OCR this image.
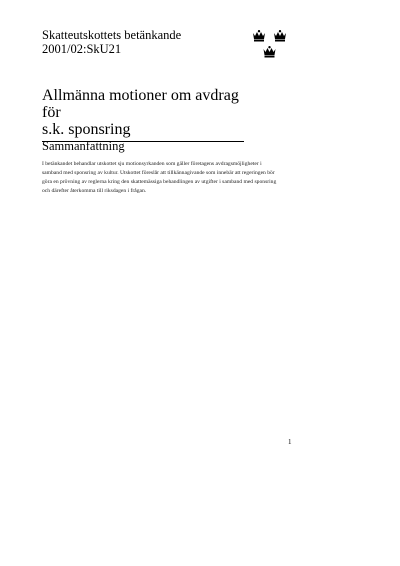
Skatteutskottets betänkande
2001/02:SkU21
Allmänna motioner om avdrag för
s.k. sponsring
Sammanfattning

I betänkandet behandlar utskottet sju motionsyrkanden som gäller företagens avdragsmöjligheter i samband med sponsring av kultur. Utskottet föreslår att tillkännagivande som innebär att regeringen bör göra en prövning av reglerna kring den skattemässiga behandlingen av utgifter i samband med sponsring och därefter återkomma till riksdagen i frågan.

1
